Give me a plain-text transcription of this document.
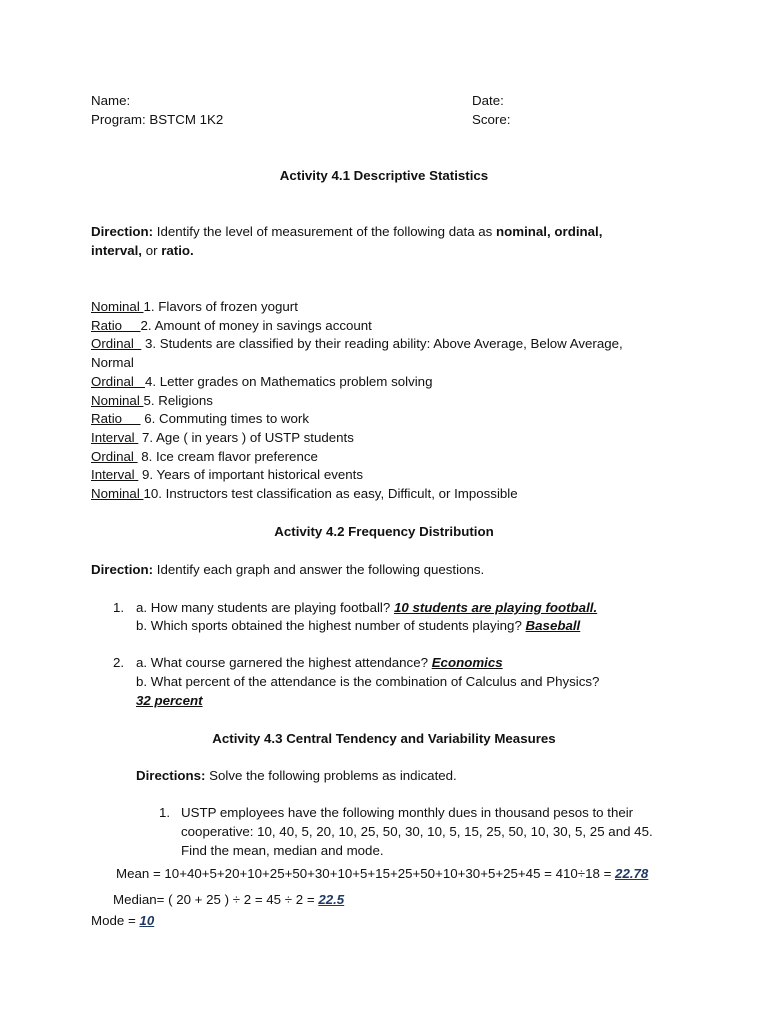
Name:	Date:
Program: BSTCM 1K2	Score:
Activity 4.1 Descriptive Statistics
Direction: Identify the level of measurement of the following data as nominal, ordinal,
interval, or ratio.
Nominal 1. Flavors of frozen yogurt
Ratio     2. Amount of money in savings account
Ordinal   3. Students are classified by their reading ability: Above Average, Below Average,
Normal
Ordinal   4. Letter grades on Mathematics problem solving
Nominal 5. Religions
Ratio      6. Commuting times to work
Interval  7. Age ( in years ) of USTP students
Ordinal  8. Ice cream flavor preference
Interval  9. Years of important historical events
Nominal 10. Instructors test classification as easy, Difficult, or Impossible
Activity 4.2 Frequency Distribution
Direction: Identify each graph and answer the following questions.
1. a. How many students are playing football? 10 students are playing football.
b. Which sports obtained the highest number of students playing? Baseball
2. a. What course garnered the highest attendance? Economics
b. What percent of the attendance is the combination of Calculus and Physics?
32 percent
Activity 4.3 Central Tendency and Variability Measures
Directions: Solve the following problems as indicated.
1. USTP employees have the following monthly dues in thousand pesos to their
cooperative: 10, 40, 5, 20, 10, 25, 50, 30, 10, 5, 15, 25, 50, 10, 30, 5, 25 and 45.
Find the mean, median and mode.
Mean = 10+40+5+20+10+25+50+30+10+5+15+25+50+10+30+5+25+45 = 410÷18 = 22.78
Median= ( 20 + 25 ) ÷ 2 = 45 ÷ 2 = 22.5
Mode = 10
